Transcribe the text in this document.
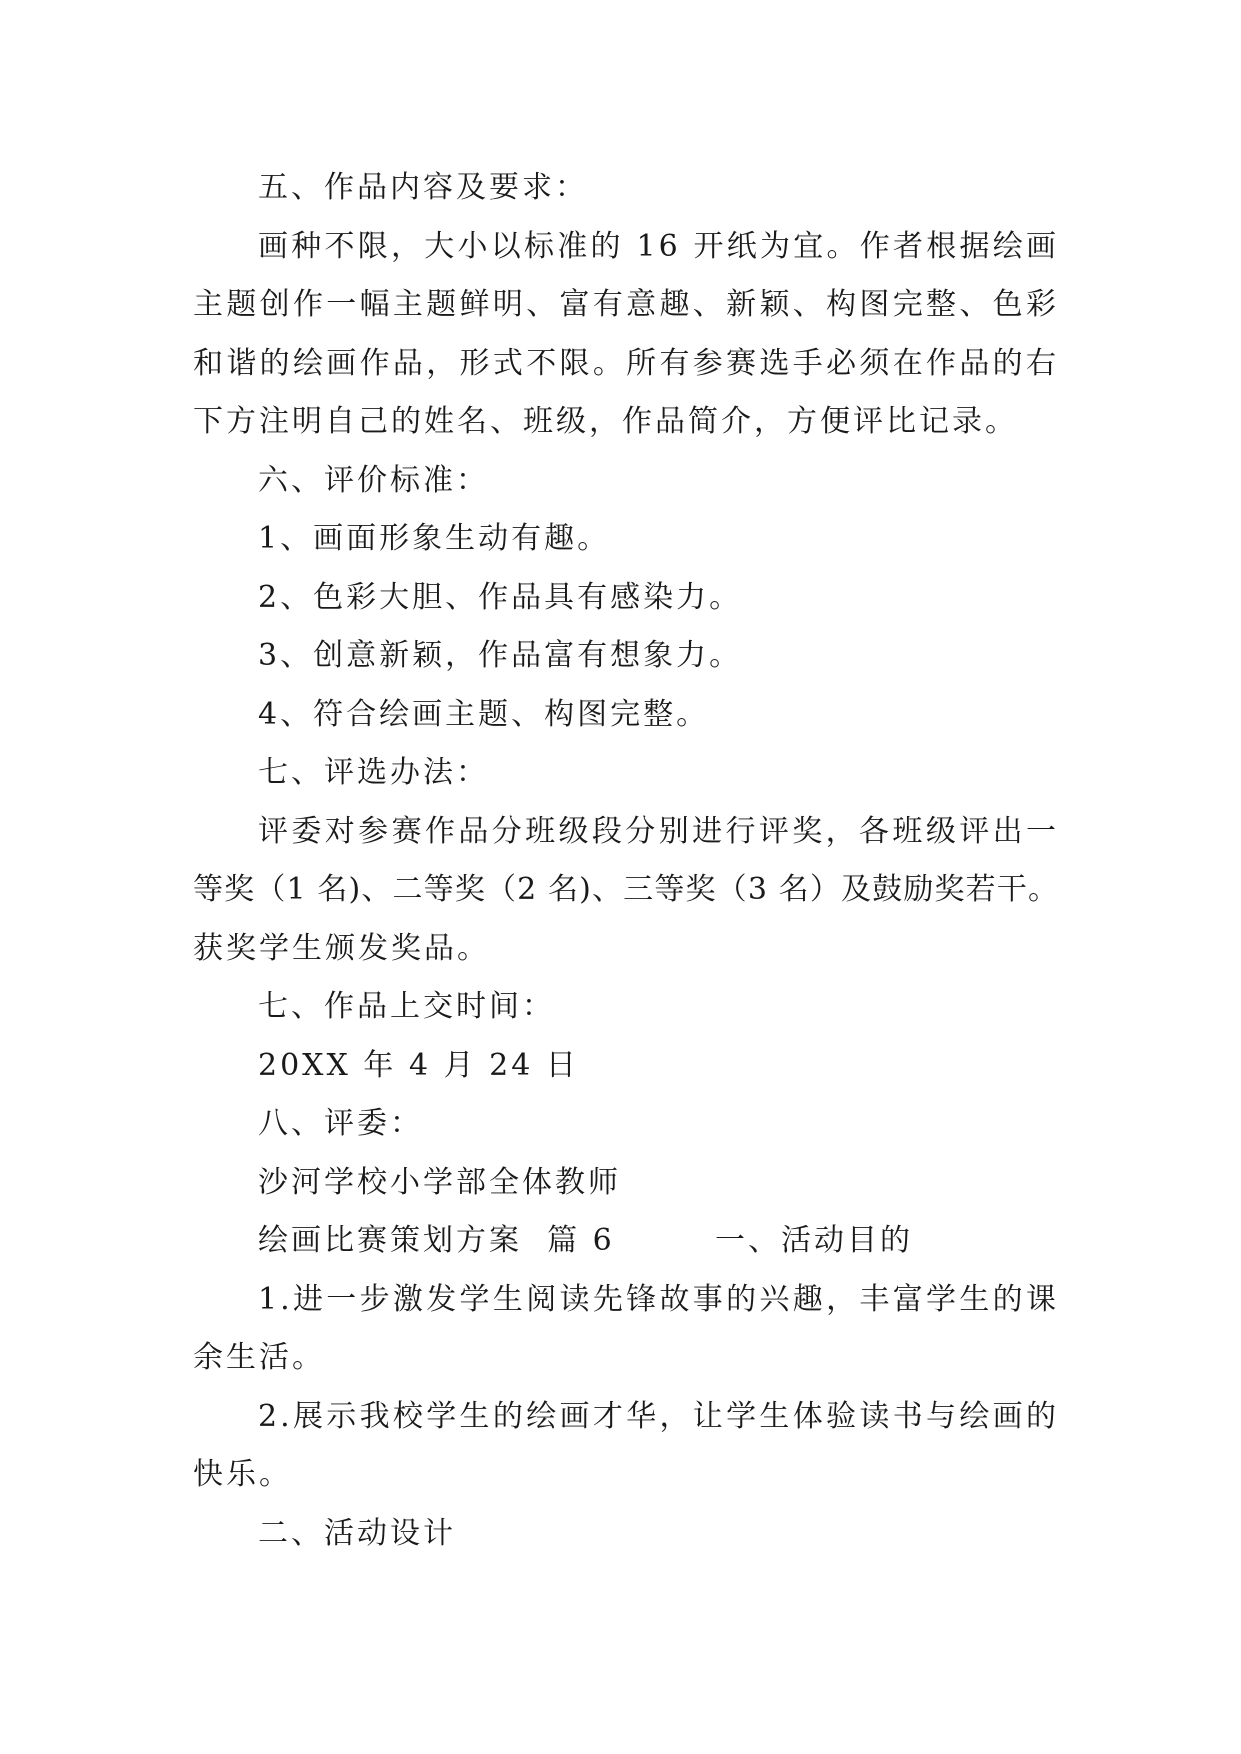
五、作品内容及要求：
画种不限，大小以标准的 16 开纸为宜。作者根据绘画
主题创作一幅主题鲜明、富有意趣、新颖、构图完整、色彩
和谐的绘画作品，形式不限。所有参赛选手必须在作品的右
下方注明自己的姓名、班级，作品简介，方便评比记录。
六、评价标准：
1、画面形象生动有趣。
2、色彩大胆、作品具有感染力。
3、创意新颖，作品富有想象力。
4、符合绘画主题、构图完整。
七、评选办法：
评委对参赛作品分班级段分别进行评奖，各班级评出一
等奖（1 名)、二等奖（2 名)、三等奖（3 名）及鼓励奖若干。
获奖学生颁发奖品。
七、作品上交时间：
20XX 年 4 月 24 日
八、评委：
沙河学校小学部全体教师
绘画比赛策划方案  篇 6        一、活动目的
1.进一步激发学生阅读先锋故事的兴趣，丰富学生的课
余生活。
2.展示我校学生的绘画才华，让学生体验读书与绘画的
快乐。
二、活动设计
